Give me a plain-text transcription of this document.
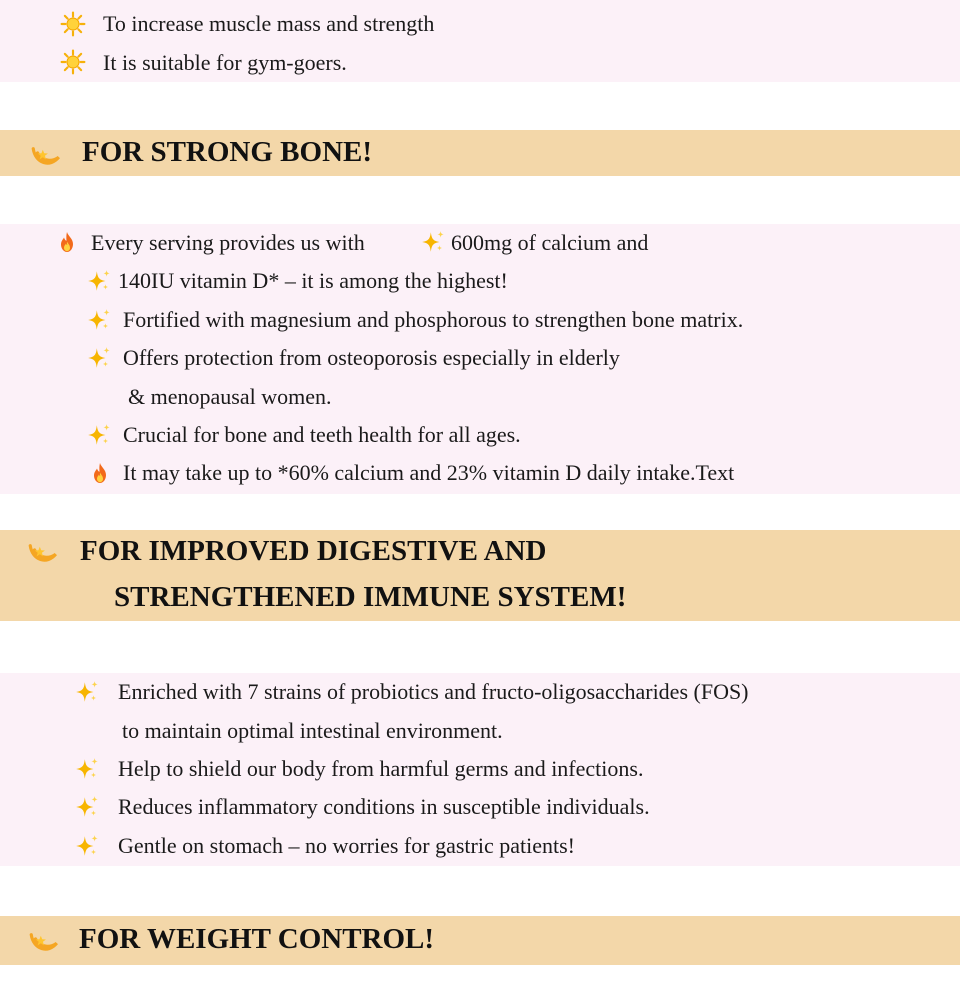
To increase muscle mass and strength
It is suitable for gym-goers.
FOR STRONG BONE!
Every serving provides us with	600mg of calcium and
140IU vitamin D* – it is among the highest!
Fortified with magnesium and phosphorous to strengthen bone matrix.
Offers protection from osteoporosis especially in elderly
& menopausal women.
Crucial for bone and teeth health for all ages.
It may take up to *60% calcium and 23% vitamin D daily intake.Text
FOR IMPROVED DIGESTIVE AND
STRENGTHENED IMMUNE SYSTEM!
Enriched with 7 strains of probiotics and fructo-oligosaccharides (FOS)
to maintain optimal intestinal environment.
Help to shield our body from harmful germs and infections.
Reduces inflammatory conditions in susceptible individuals.
Gentle on stomach – no worries for gastric patients!
FOR WEIGHT CONTROL!
